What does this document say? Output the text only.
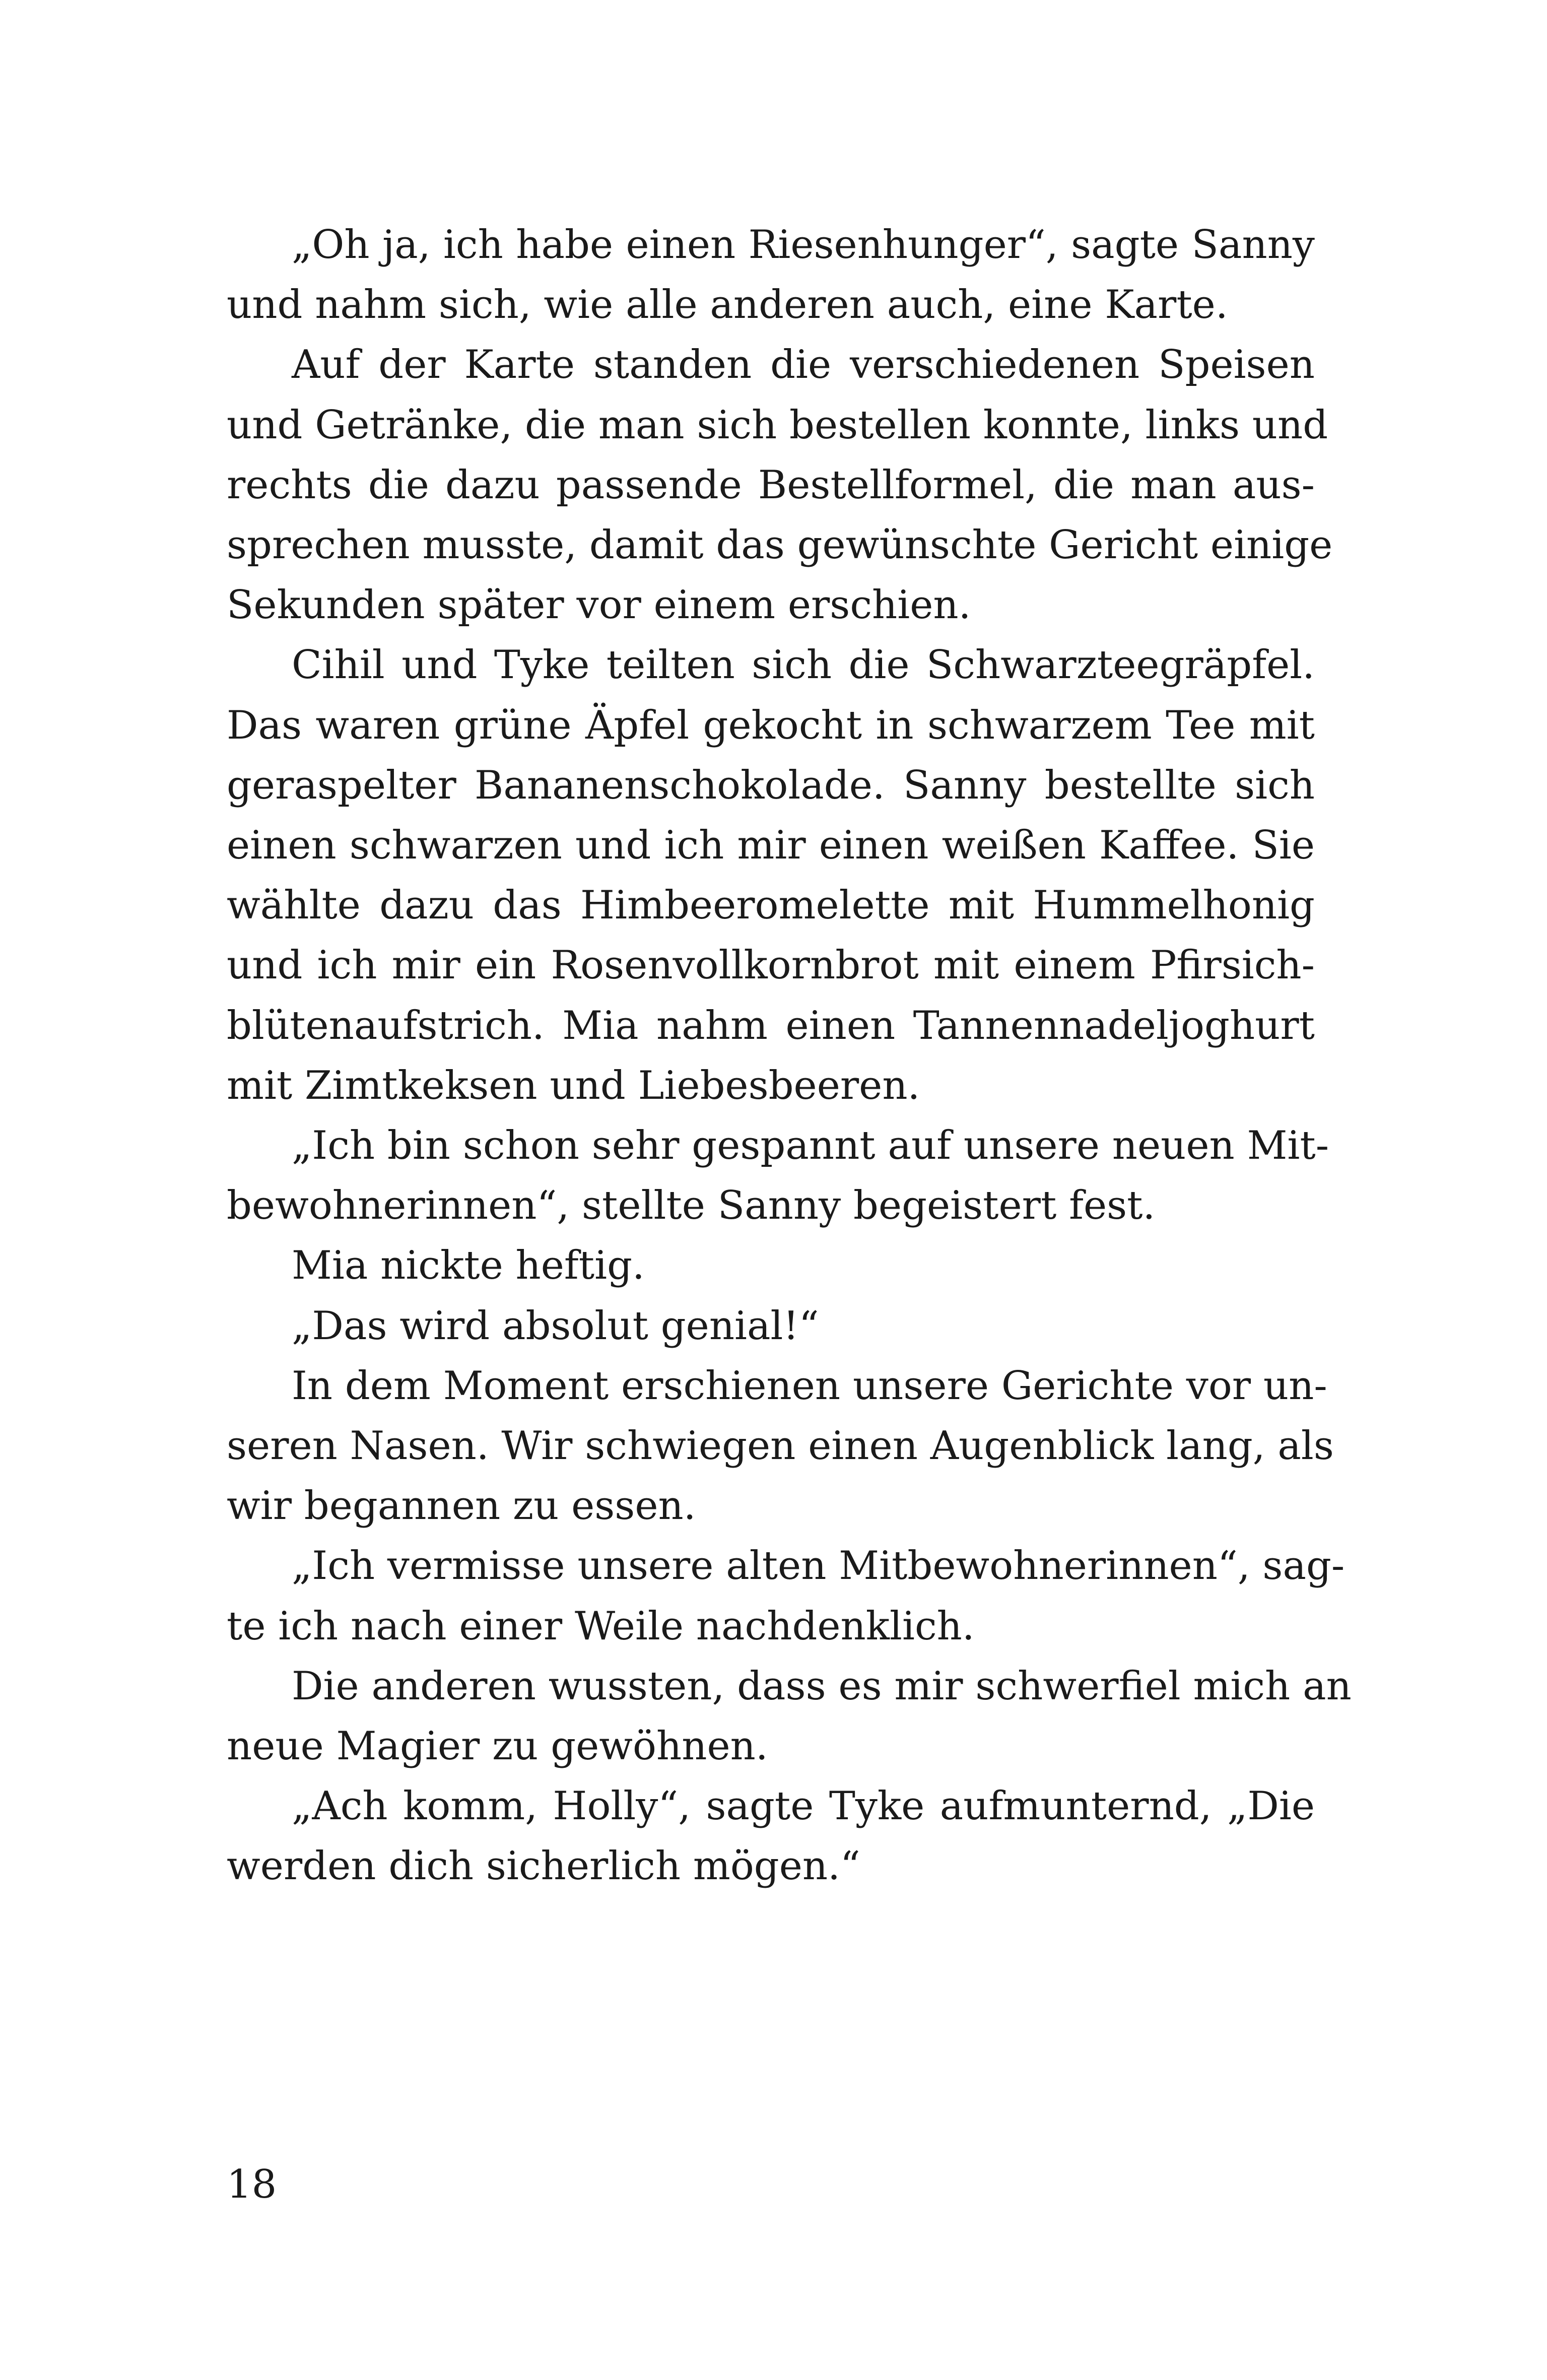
„Oh ja, ich habe einen Riesenhunger“, sagte Sanny
und nahm sich, wie alle anderen auch, eine Karte.

Auf der Karte standen die verschiedenen Speisen
und Getränke, die man sich bestellen konnte, links und
rechts die dazu passende Bestellformel, die man aus-
sprechen musste, damit das gewünschte Gericht einige
Sekunden später vor einem erschien.

Cihil und Tyke teilten sich die Schwarzteegräpfel.
Das waren grüne Äpfel gekocht in schwarzem Tee mit
geraspelter Bananenschokolade. Sanny bestellte sich
einen schwarzen und ich mir einen weißen Kaffee. Sie
wählte dazu das Himbeeromelette mit Hummelhonig
und ich mir ein Rosenvollkornbrot mit einem Pfirsich-
blütenaufstrich. Mia nahm einen Tannennadeljoghurt
mit Zimtkeksen und Liebesbeeren.

„Ich bin schon sehr gespannt auf unsere neuen Mit-
bewohnerinnen“, stellte Sanny begeistert fest.

Mia nickte heftig.

„Das wird absolut genial!“

In dem Moment erschienen unsere Gerichte vor un-
seren Nasen. Wir schwiegen einen Augenblick lang, als
wir begannen zu essen.

„Ich vermisse unsere alten Mitbewohnerinnen“, sag-
te ich nach einer Weile nachdenklich.

Die anderen wussten, dass es mir schwerfiel mich an
neue Magier zu gewöhnen.

„Ach komm, Holly“, sagte Tyke aufmunternd, „Die
werden dich sicherlich mögen.“

18
